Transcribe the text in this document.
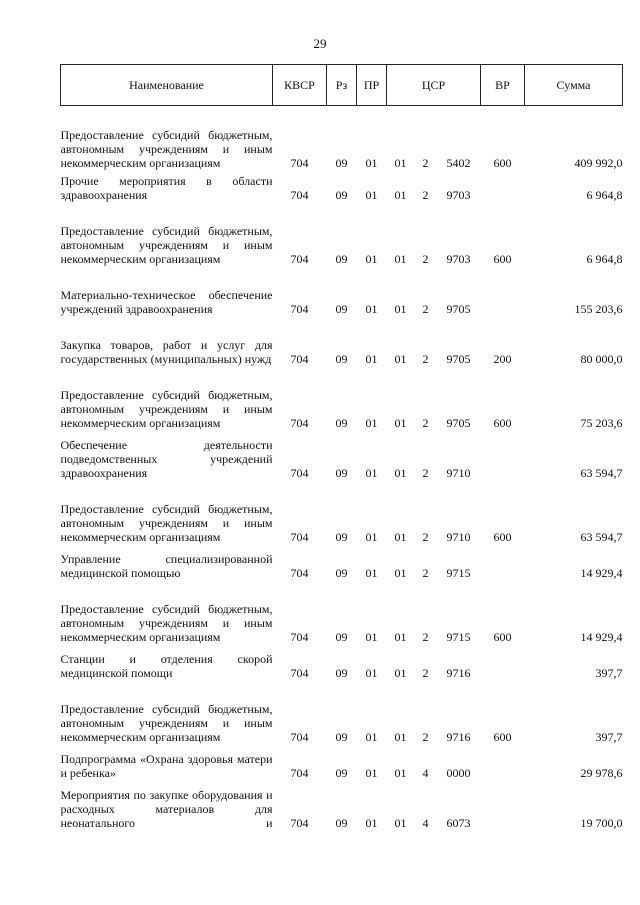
29
Наименование	КВСР	Рз	ПР	ЦСР			ВР	Сумма
Предоставление субсидий бюджетным, автономным учреждениям и иным некоммерческим организациям	704	09	01	01	2	5402	600	409 992,0
Прочие мероприятия в области здравоохранения	704	09	01	01	2	9703		6 964,8
Предоставление субсидий бюджетным, автономным учреждениям и иным некоммерческим организациям	704	09	01	01	2	9703	600	6 964,8
Материально-техническое обеспечение учреждений здравоохранения	704	09	01	01	2	9705		155 203,6
Закупка товаров, работ и услуг для государственных (муниципальных) нужд	704	09	01	01	2	9705	200	80 000,0
Предоставление субсидий бюджетным, автономным учреждениям и иным некоммерческим организациям	704	09	01	01	2	9705	600	75 203,6
Обеспечение деятельности подведомственных учреждений здравоохранения	704	09	01	01	2	9710		63 594,7
Предоставление субсидий бюджетным, автономным учреждениям и иным некоммерческим организациям	704	09	01	01	2	9710	600	63 594,7
Управление специализированной медицинской помощью	704	09	01	01	2	9715		14 929,4
Предоставление субсидий бюджетным, автономным учреждениям и иным некоммерческим организациям	704	09	01	01	2	9715	600	14 929,4
Станции и отделения скорой медицинской помощи	704	09	01	01	2	9716		397,7
Предоставление субсидий бюджетным, автономным учреждениям и иным некоммерческим организациям	704	09	01	01	2	9716	600	397,7
Подпрограмма «Охрана здоровья матери и ребенка»	704	09	01	01	4	0000		29 978,6
Мероприятия по закупке оборудования и расходных материалов для неонатального и	704	09	01	01	4	6073		19 700,0
